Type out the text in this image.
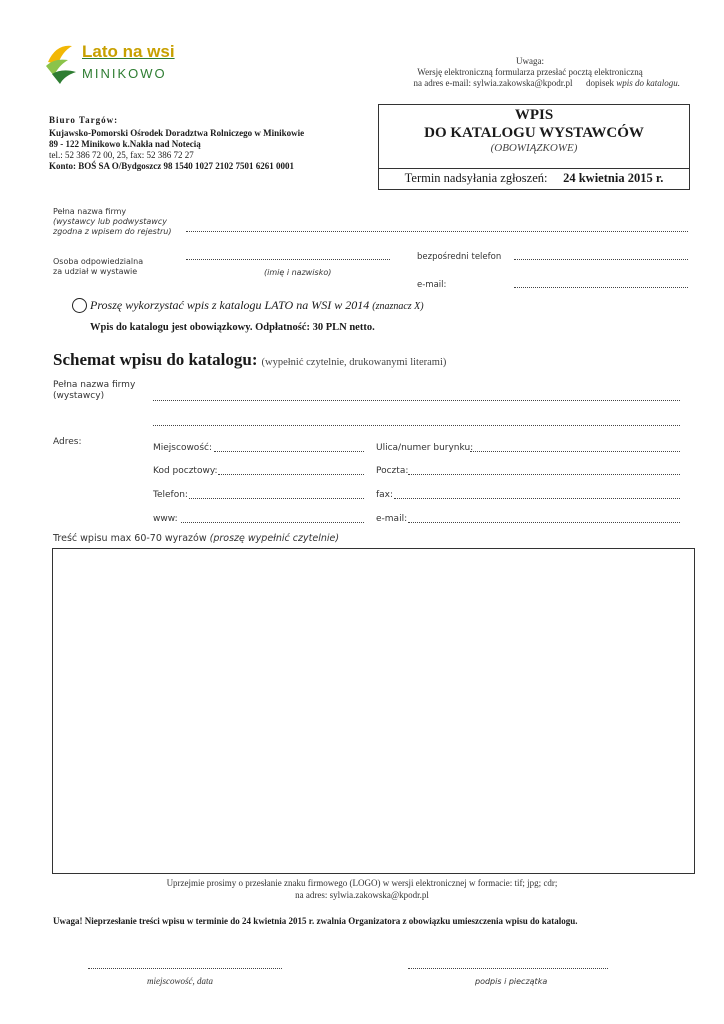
Lato na wsi
MINIKOWO
Uwaga:
Wersję elektroniczną formularza przesłać pocztą elektroniczną
na adres e-mail: sylwia.zakowska@kpodr.pl dopisek wpis do katalogu.
Biuro Targów:
Kujawsko-Pomorski Ośrodek Doradztwa Rolniczego w Minikowie
89 - 122 Minikowo k.Nakła nad Notecią
tel.: 52 386 72 00, 25, fax: 52 386 72 27
Konto: BOŚ SA O/Bydgoszcz 98 1540 1027 2102 7501 6261 0001
WPIS
DO KATALOGU WYSTAWCÓW
(OBOWIĄZKOWE)
Termin nadsyłania zgłoszeń: 24 kwietnia 2015 r.
Pełna nazwa firmy
(wystawcy lub podwystawcy
zgodna z wpisem do rejestru)
Osoba odpowiedzialna
za udział w wystawie	(imię i nazwisko)
bezpośredni telefon
e-mail:
Proszę wykorzystać wpis z katalogu LATO na WSI w 2014 (znaznacz X)
Wpis do katalogu jest obowiązkowy. Odpłatność: 30 PLN netto.
Schemat wpisu do katalogu: (wypełnić czytelnie, drukowanymi literami)
Pełna nazwa firmy
(wystawcy)
Adres:
Miejscowość:	Ulica/numer burynku:
Kod pocztowy:	Poczta:
Telefon:	fax:
www:	e-mail:
Treść wpisu max 60-70 wyrazów (proszę wypełnić czytelnie)
Uprzejmie prosimy o przesłanie znaku firmowego (LOGO) w wersji elektronicznej w formacie: tif; jpg; cdr;
na adres: sylwia.zakowska@kpodr.pl
Uwaga! Nieprzesłanie treści wpisu w terminie do 24 kwietnia 2015 r. zwalnia Organizatora z obowiązku umieszczenia wpisu do katalogu.
miejscowość, data	podpis i pieczątka
